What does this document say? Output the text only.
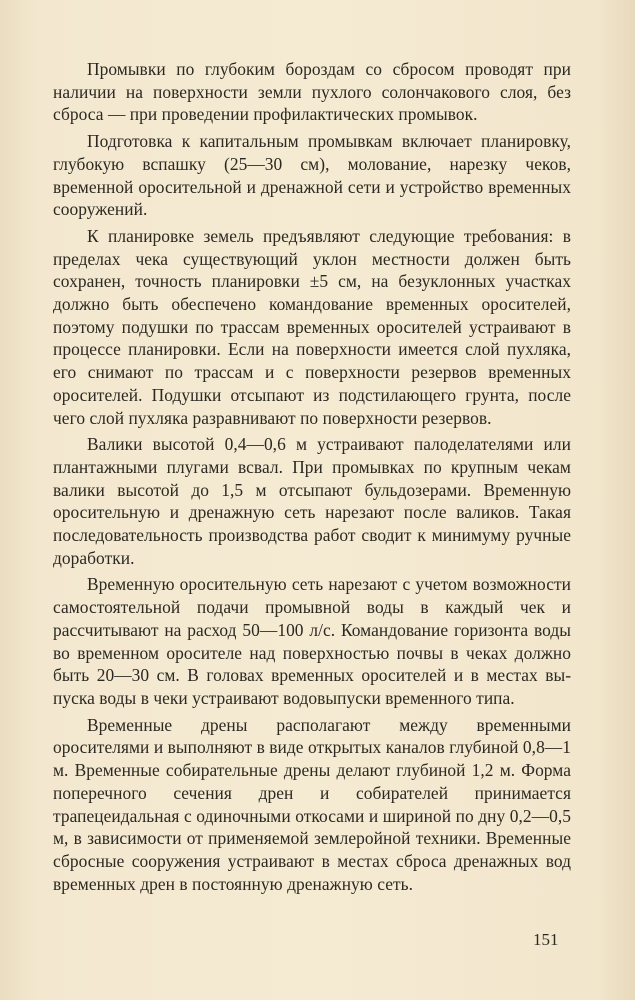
Промывки по глубоким бороздам со сбросом проводят при наличии на поверхности земли пухлого солончакового слоя, без сброса — при проведении профилактических промывок.

Подготовка к капитальным промывкам включает планировку, глубокую вспашку (25—30 см), молование, нарезку чеков, временной оросительной и дренажной сети и устройство временных сооружений.

К планировке земель предъявляют следующие требования: в пределах чека существующий уклон местности должен быть сохранен, точность планировки ±5 см, на безуклонных участках должно быть обеспечено командование временных оросителей, поэтому подушки по трассам временных оросителей устраивают в процессе планировки. Если на поверхности имеется слой пухляка, его снимают по трассам и с поверхности резервов временных оросителей. Подушки отсыпают из подстилающего грунта, после чего слой пухляка разравнивают по поверхности резервов.

Валики высотой 0,4—0,6 м устраивают палоделателями или плантажными плугами всвал. При промывках по крупным чекам валики высотой до 1,5 м отсыпают бульдозерами. Временную оросительную и дренажную сеть нарезают после валиков. Такая последовательность производства работ сводит к минимуму ручные доработки.

Временную оросительную сеть нарезают с учетом возможности самостоятельной подачи промывной воды в каждый чек и рассчитывают на расход 50—100 л/с. Командование горизонта воды во временном оросителе над поверхностью почвы в чеках должно быть 20—30 см. В головах временных оросителей и в местах выпуска воды в чеки устраивают водовыпуски временного типа.

Временные дрены располагают между временными оросителями и выполняют в виде открытых каналов глубиной 0,8—1 м. Временные собирательные дрены делают глубиной 1,2 м. Форма поперечного сечения дрен и собирателей принимается трапецеидальная с одиночными откосами и шириной по дну 0,2—0,5 м, в зависимости от применяемой землеройной техники. Временные сбросные сооружения устраивают в местах сброса дренажных вод временных дрен в постоянную дренажную сеть.

151
